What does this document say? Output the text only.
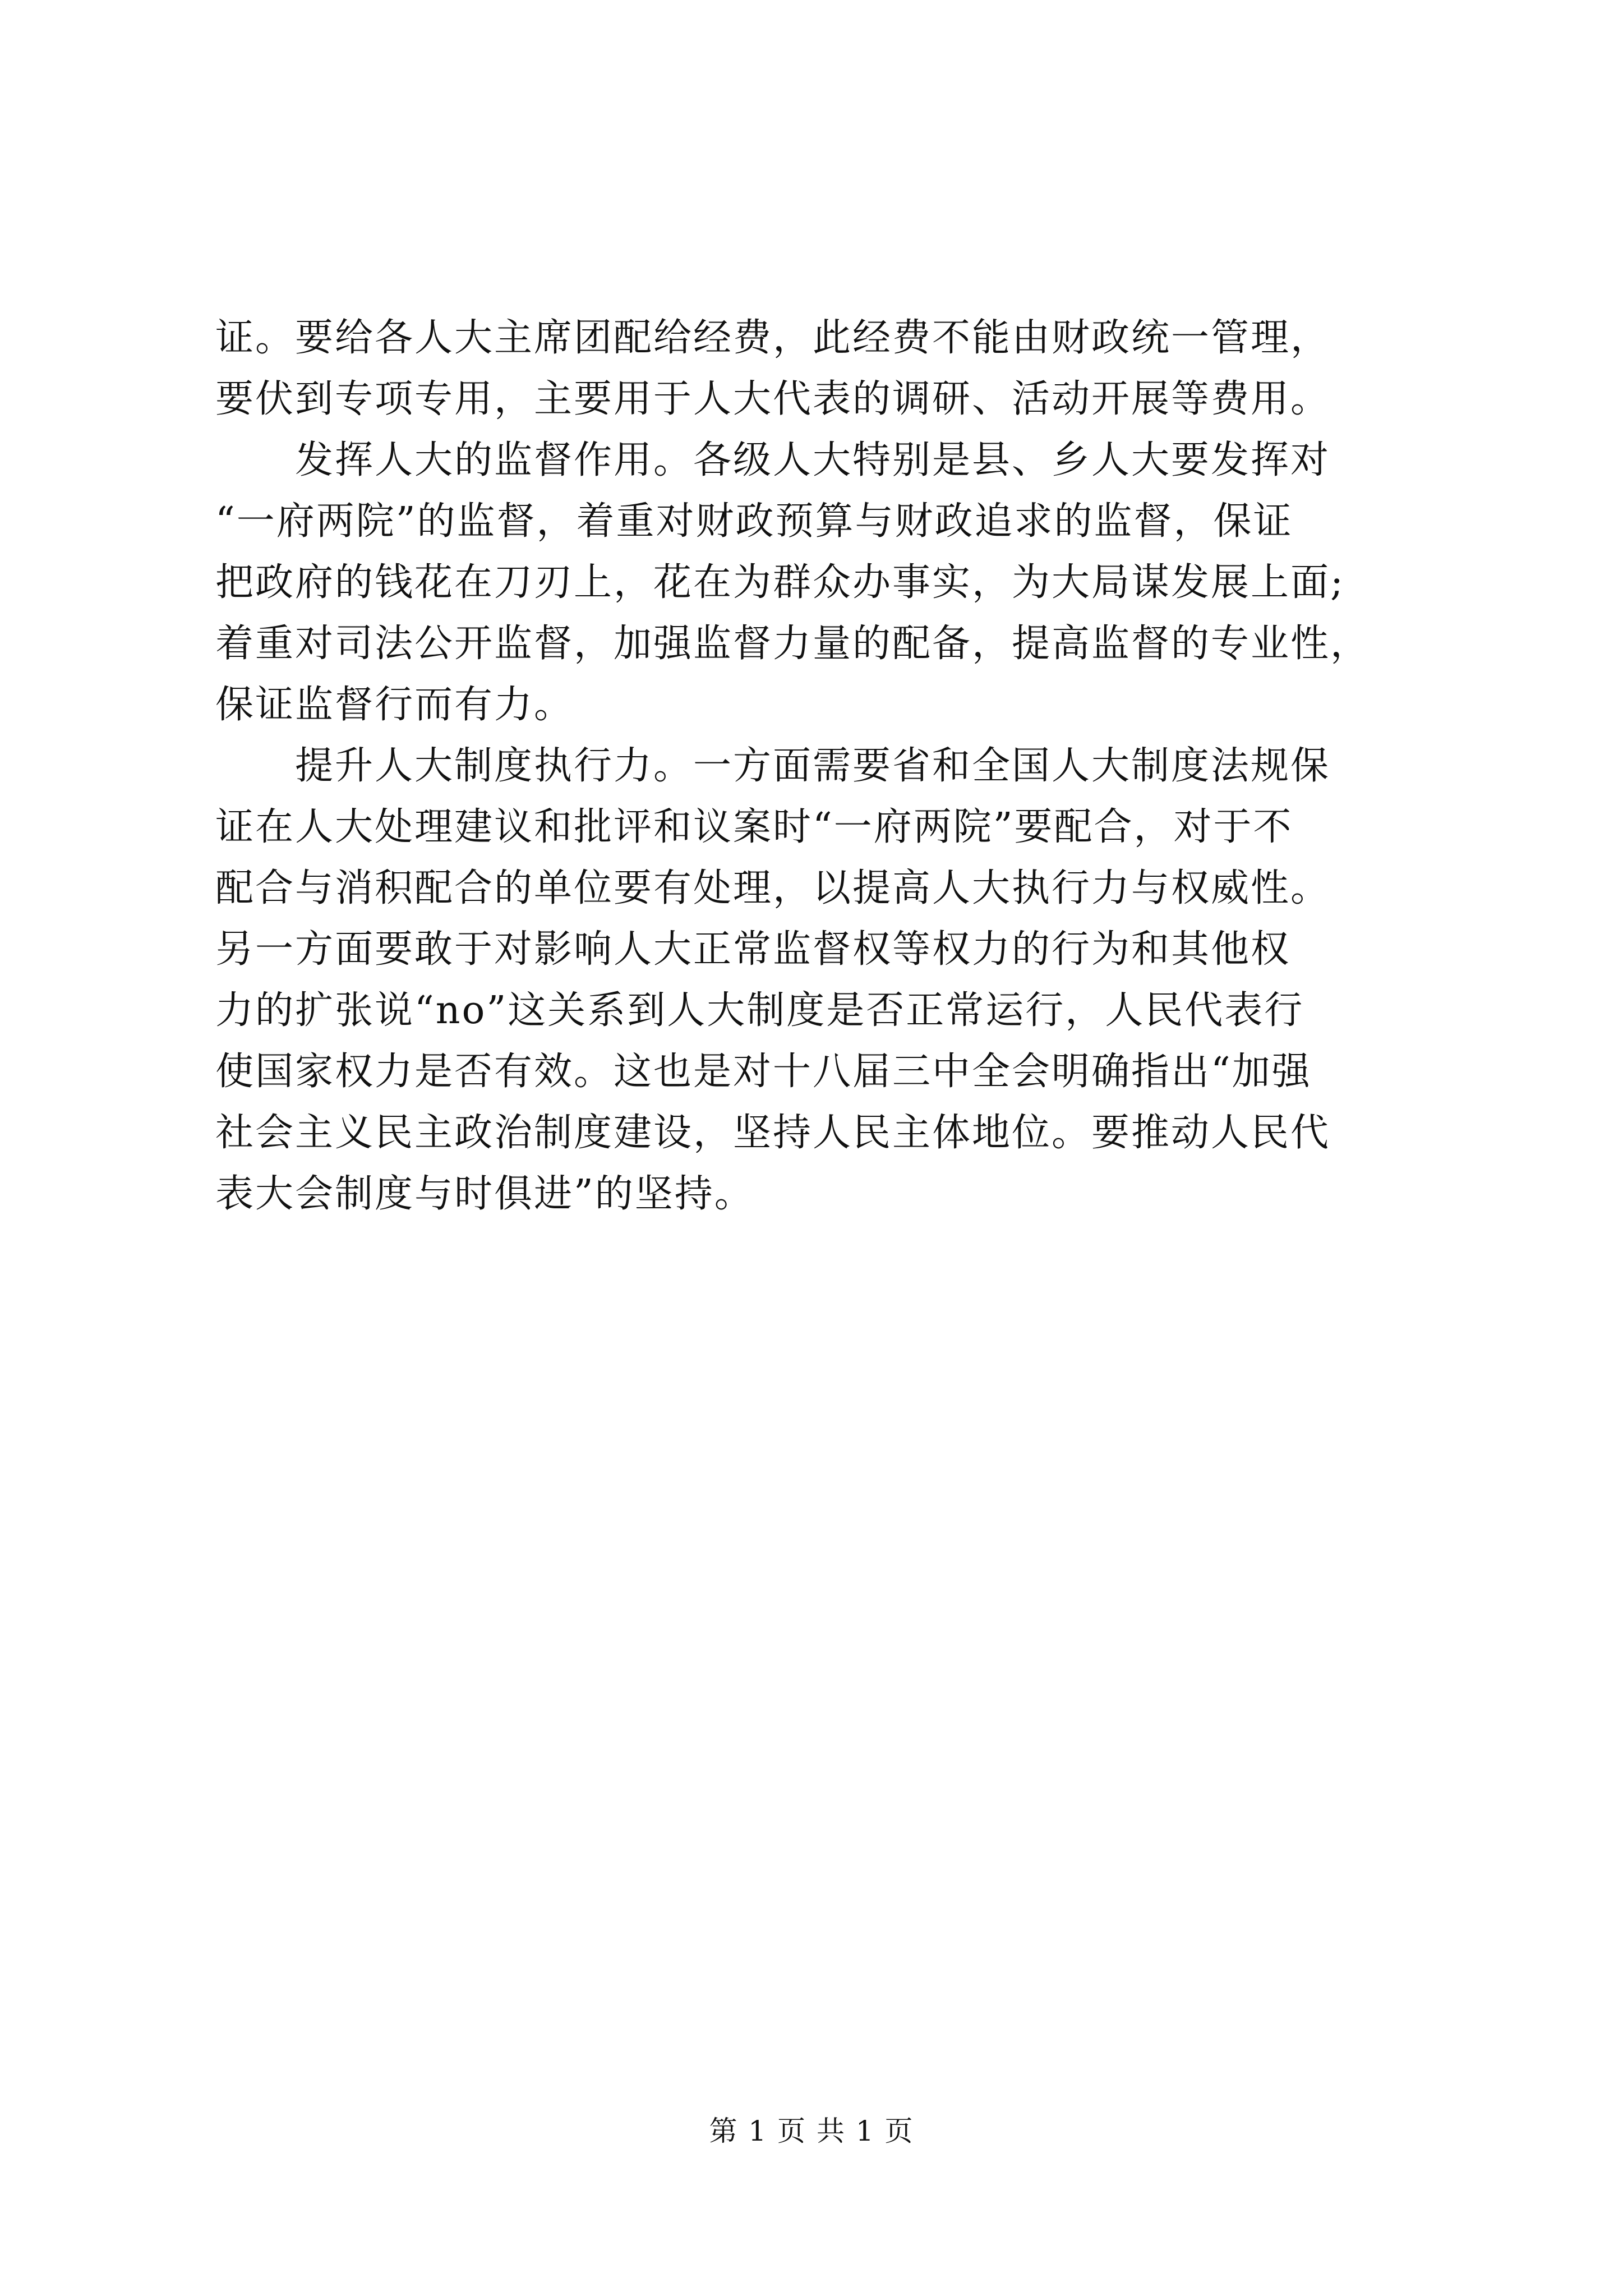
证。要给各人大主席团配给经费，此经费不能由财政统一管理，
要伏到专项专用，主要用于人大代表的调研、活动开展等费用。
　　发挥人大的监督作用。各级人大特别是县、乡人大要发挥对
“一府两院”的监督，着重对财政预算与财政追求的监督，保证
把政府的钱花在刀刃上，花在为群众办事实，为大局谋发展上面;
着重对司法公开监督，加强监督力量的配备，提高监督的专业性，
保证监督行而有力。
　　提升人大制度执行力。一方面需要省和全国人大制度法规保
证在人大处理建议和批评和议案时“一府两院”要配合，对于不
配合与消积配合的单位要有处理，以提高人大执行力与权威性。
另一方面要敢于对影响人大正常监督权等权力的行为和其他权
力的扩张说“no”这关系到人大制度是否正常运行，人民代表行
使国家权力是否有效。这也是对十八届三中全会明确指出“加强
社会主义民主政治制度建设，坚持人民主体地位。要推动人民代
表大会制度与时俱进”的坚持。
第 1 页 共 1 页
